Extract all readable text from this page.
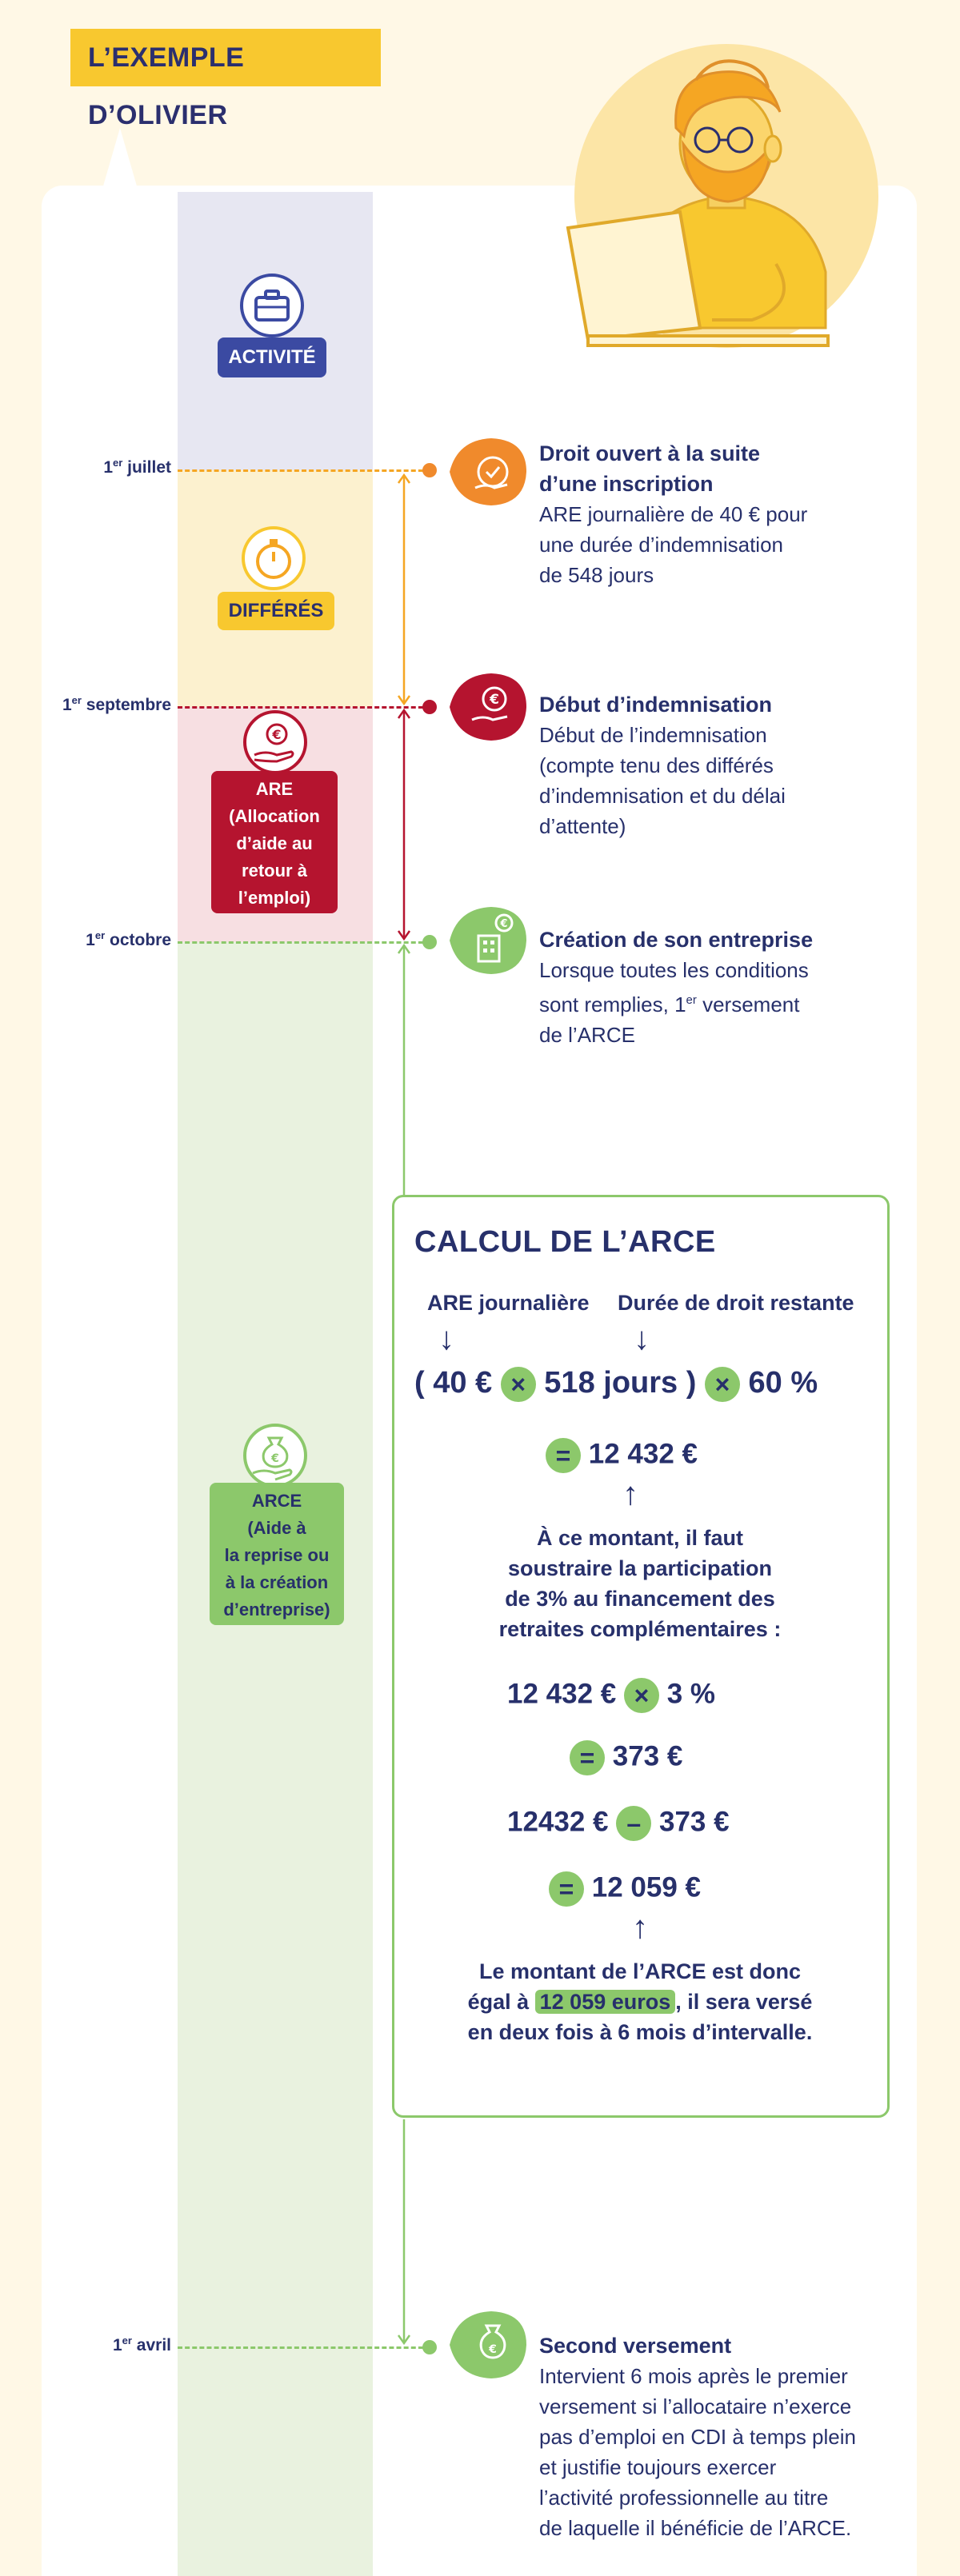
L’EXEMPLE D’OLIVIER
ACTIVITÉ
DIFFÉRÉS
€
ARE
(Allocation
d’aide au
retour à
l’emploi)
€
ARCE
(Aide à
la reprise ou
à la création
d’entreprise)
1er juillet
1er septembre
1er octobre
1er avril
€
€
€
Droit ouvert à la suite
d’une inscription
ARE journalière de 40 € pour
une durée d’indemnisation
de 548 jours
Début d’indemnisation
Début de l’indemnisation
(compte tenu des différés
d’indemnisation et du délai
d’attente)
Création de son entreprise
Lorsque toutes les conditions
sont remplies, 1er versement
de l’ARCE
Second versement
Intervient 6 mois après le premier
versement si l’allocataire n’exerce
pas d’emploi en CDI à temps plein
et justifie toujours exercer
l’activité professionnelle au titre
de laquelle il bénéficie de l’ARCE.
CALCUL DE L’ARCE
ARE journalière Durée de droit restante
↓	↓
( 40 € × 518 jours ) × 60 %
= 12 432 €
↑
À ce montant, il faut
soustraire la participation
de 3% au financement des
retraites complémentaires :
12 432 € × 3 %
= 373 €
12432 € – 373 €
= 12 059 €
↑
Le montant de l’ARCE est donc
égal à 12 059 euros , il sera versé
en deux fois à 6 mois d’intervalle.
